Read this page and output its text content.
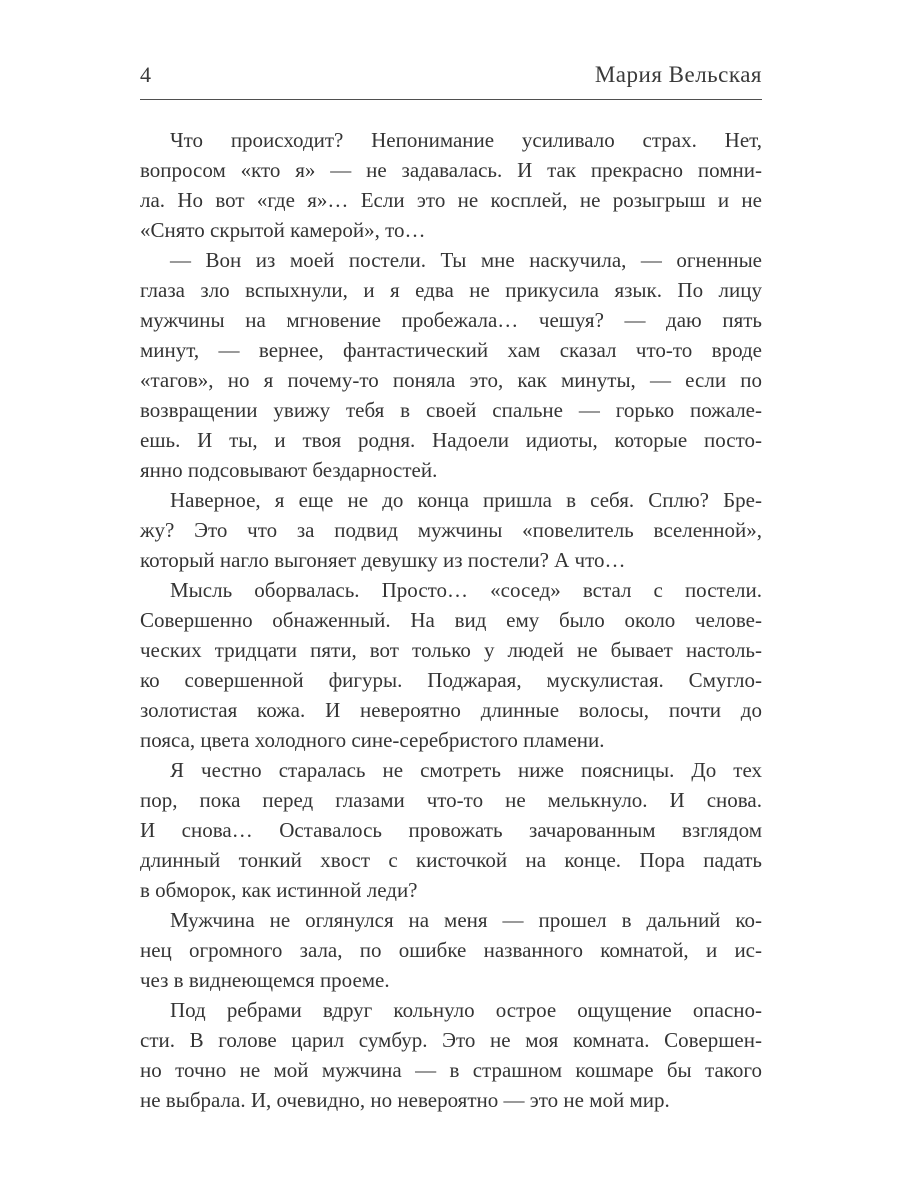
4	Мария Вельская
Что происходит? Непонимание усиливало страх. Нет,
вопросом «кто я» — не задавалась. И так прекрасно помни-
ла. Но вот «где я»… Если это не косплей, не розыгрыш и не
«Снято скрытой камерой», то…
— Вон из моей постели. Ты мне наскучила, — огненные
глаза зло вспыхнули, и я едва не прикусила язык. По лицу
мужчины на мгновение пробежала… чешуя? — даю пять
минут, — вернее, фантастический хам сказал что-то вроде
«тагов», но я почему-то поняла это, как минуты, — если по
возвращении увижу тебя в своей спальне — горько пожале-
ешь. И ты, и твоя родня. Надоели идиоты, которые посто-
янно подсовывают бездарностей.
Наверное, я еще не до конца пришла в себя. Сплю? Бре-
жу? Это что за подвид мужчины «повелитель вселенной»,
который нагло выгоняет девушку из постели? А что…
Мысль оборвалась. Просто… «сосед» встал с постели.
Совершенно обнаженный. На вид ему было около челове-
ческих тридцати пяти, вот только у людей не бывает настоль-
ко совершенной фигуры. Поджарая, мускулистая. Смугло-
золотистая кожа. И невероятно длинные волосы, почти до
пояса, цвета холодного сине-серебристого пламени.
Я честно старалась не смотреть ниже поясницы. До тех
пор, пока перед глазами что-то не мелькнуло. И снова.
И снова… Оставалось провожать зачарованным взглядом
длинный тонкий хвост с кисточкой на конце. Пора падать
в обморок, как истинной леди?
Мужчина не оглянулся на меня — прошел в дальний ко-
нец огромного зала, по ошибке названного комнатой, и ис-
чез в виднеющемся проеме.
Под ребрами вдруг кольнуло острое ощущение опасно-
сти. В голове царил сумбур. Это не моя комната. Совершен-
но точно не мой мужчина — в страшном кошмаре бы такого
не выбрала. И, очевидно, но невероятно — это не мой мир.
